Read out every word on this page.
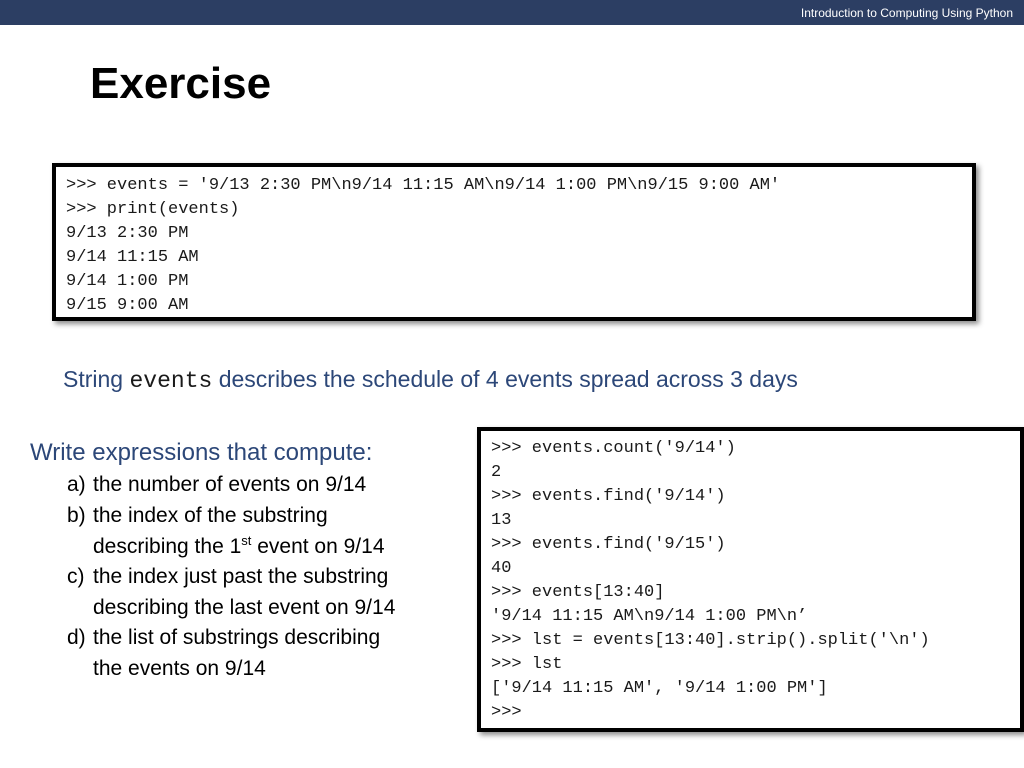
Introduction to Computing Using Python
Exercise
>>> events = '9/13 2:30 PM\n9/14 11:15 AM\n9/14 1:00 PM\n9/15 9:00 AM'
>>> print(events)
9/13 2:30 PM
9/14 11:15 AM
9/14 1:00 PM
9/15 9:00 AM
String events describes the schedule of 4 events spread across 3 days
Write expressions that compute:
a) the number of events on 9/14
b) the index of the substring
describing the 1st event on 9/14
c) the index just past the substring
describing the last event on 9/14
d) the list of substrings describing
the events on 9/14
>>> events.count('9/14')
2
>>> events.find('9/14')
13
>>> events.find('9/15')
40
>>> events[13:40]
'9/14 11:15 AM\n9/14 1:00 PM\n’
>>> lst = events[13:40].strip().split('\n')
>>> lst
['9/14 11:15 AM', '9/14 1:00 PM']
>>>
